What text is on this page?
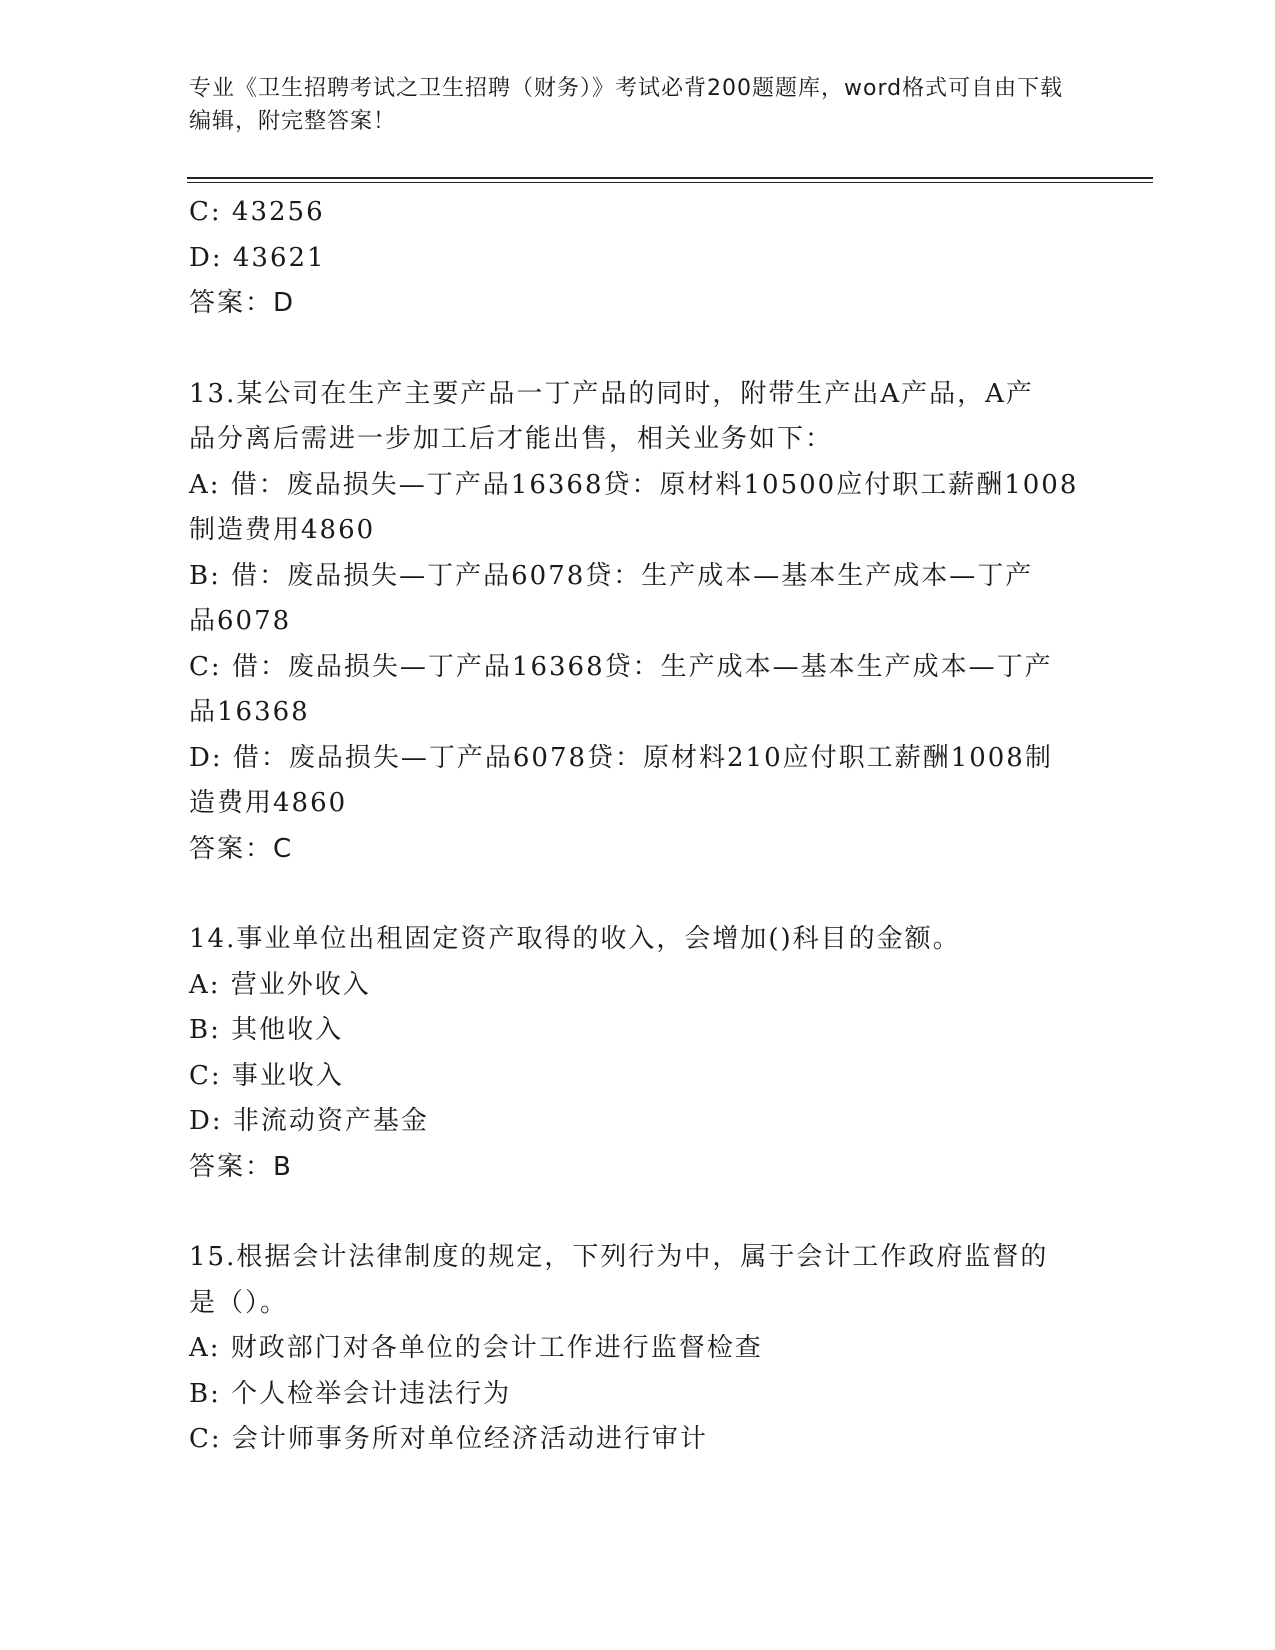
专业《卫生招聘考试之卫生招聘（财务）》考试必背200题题库，word格式可自由下载编辑，附完整答案！
C: 43256
D: 43621
答案：D
13.某公司在生产主要产品一丁产品的同时，附带生产出A产品，A产
品分离后需进一步加工后才能出售，相关业务如下：
A: 借：废品损失—丁产品16368贷：原材料10500应付职工薪酬1008
制造费用4860
B: 借：废品损失—丁产品6078贷：生产成本—基本生产成本—丁产
品6078
C: 借：废品损失—丁产品16368贷：生产成本—基本生产成本—丁产
品16368
D: 借：废品损失—丁产品6078贷：原材料210应付职工薪酬1008制
造费用4860
答案：C
14.事业单位出租固定资产取得的收入，会增加()科目的金额。
A: 营业外收入
B: 其他收入
C: 事业收入
D: 非流动资产基金
答案：B
15.根据会计法律制度的规定，下列行为中，属于会计工作政府监督的
是（）。
A: 财政部门对各单位的会计工作进行监督检查
B: 个人检举会计违法行为
C: 会计师事务所对单位经济活动进行审计
